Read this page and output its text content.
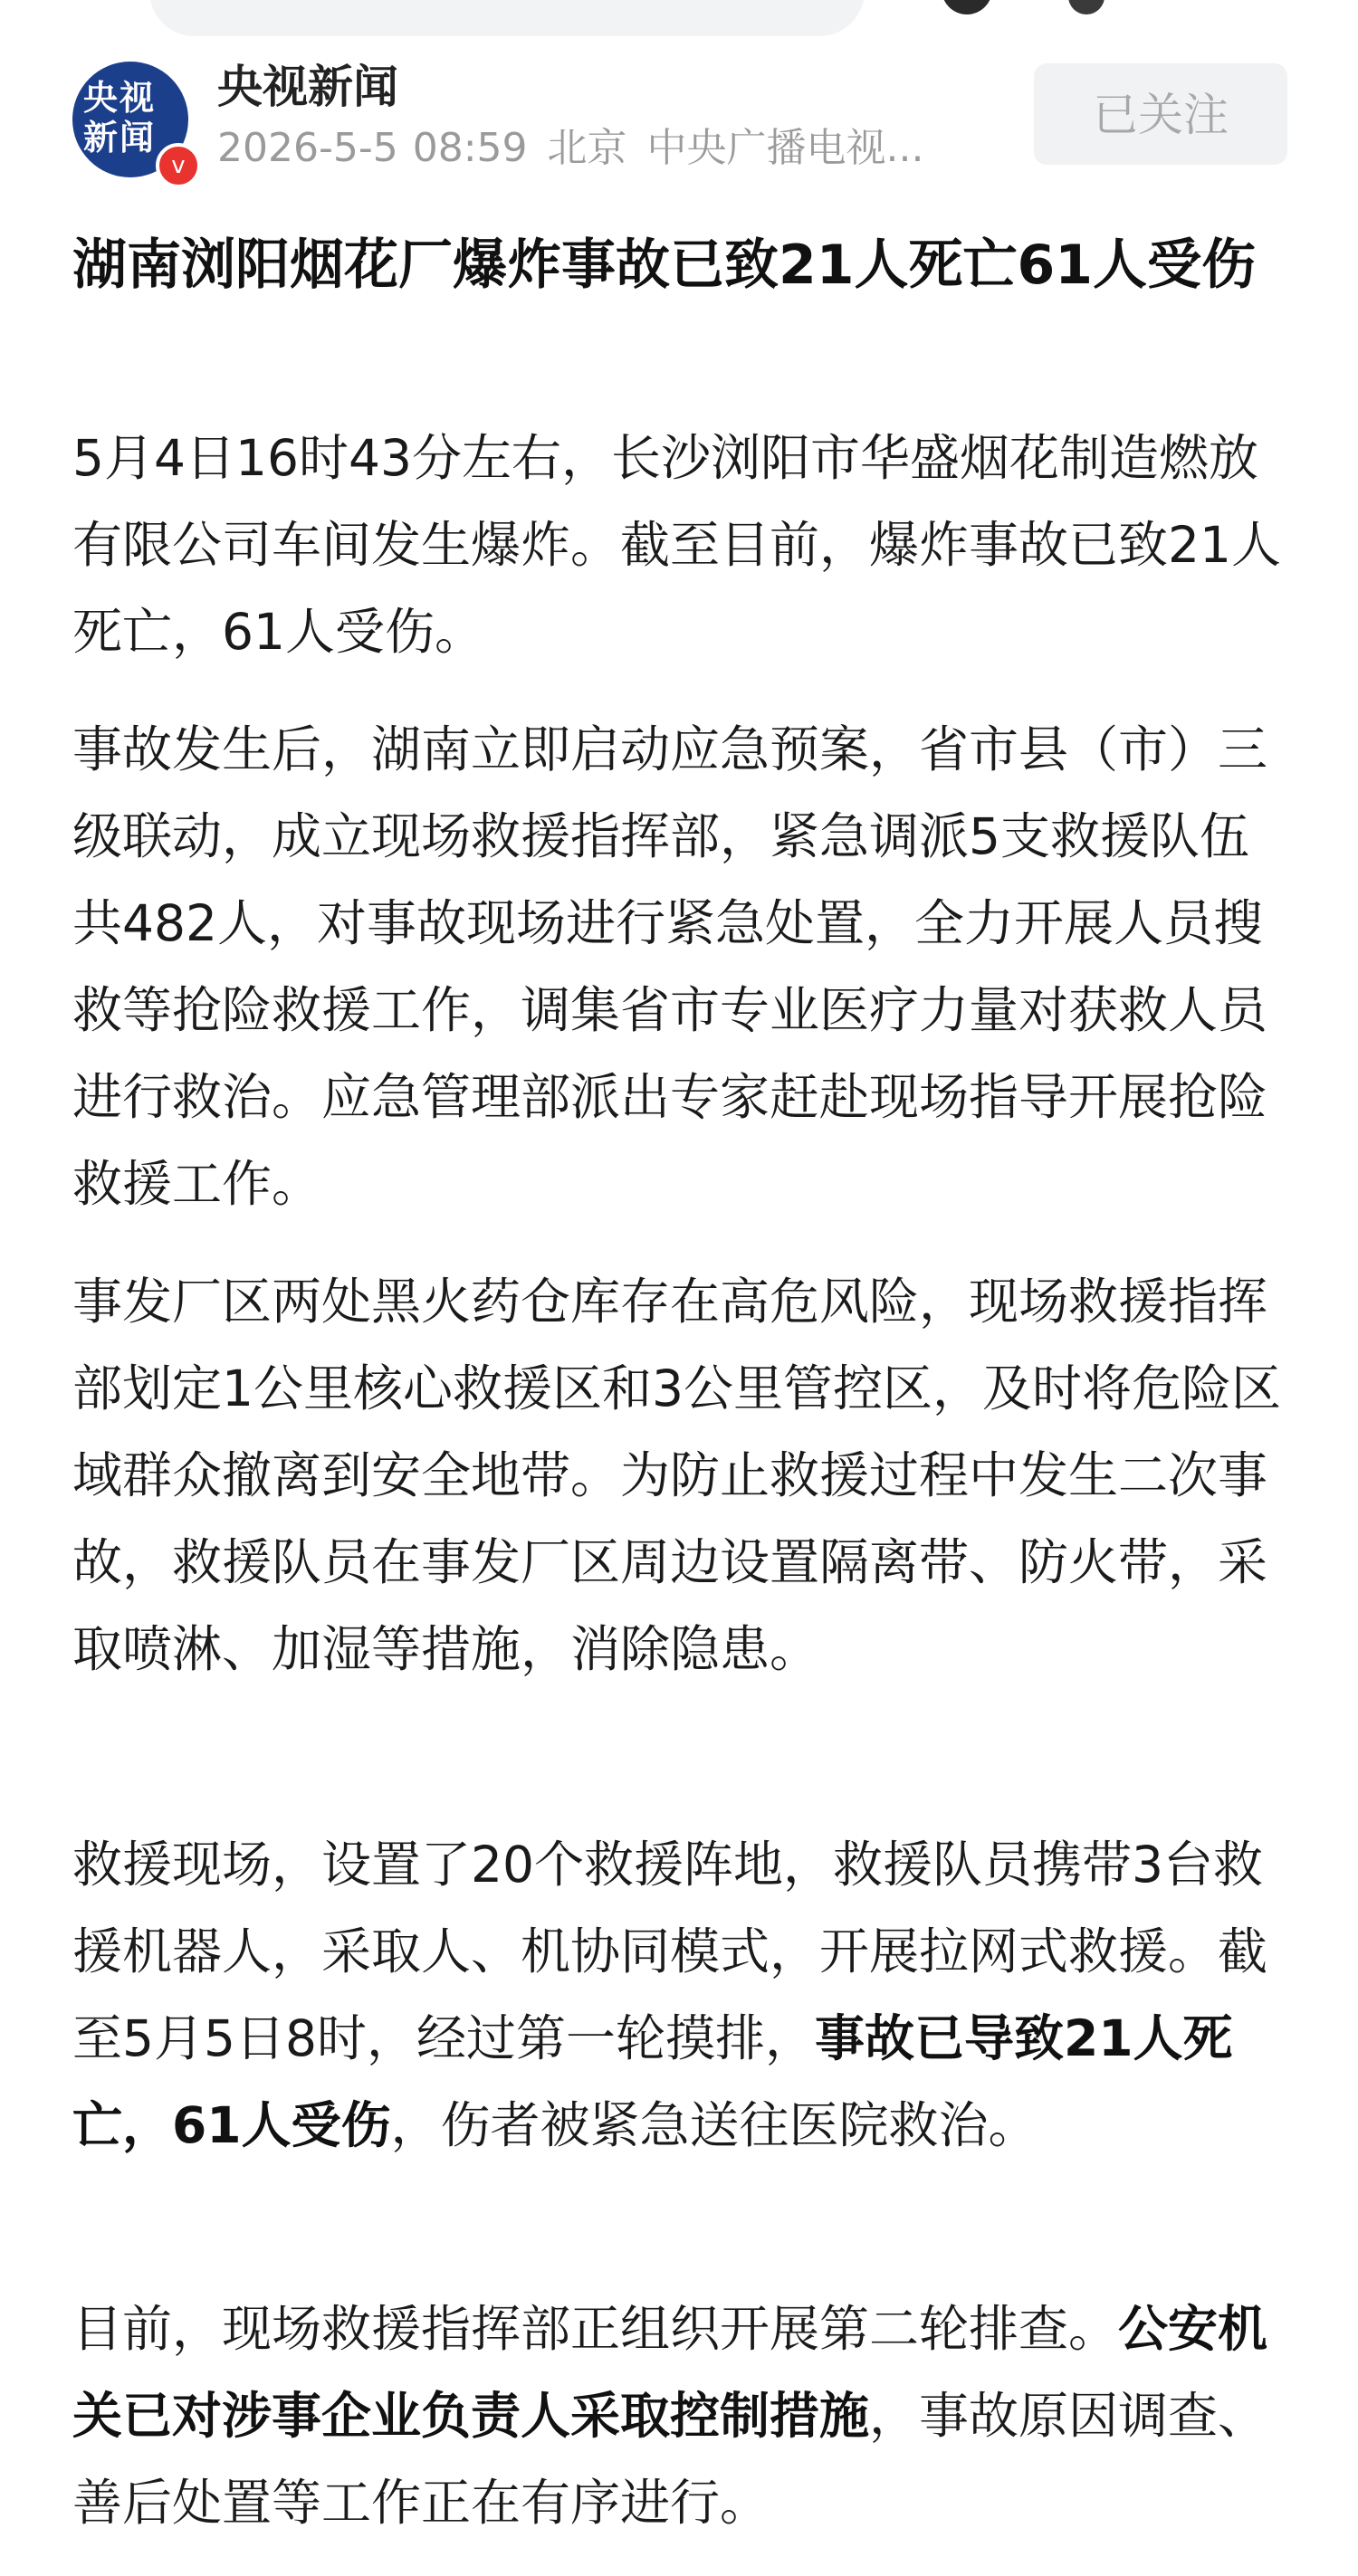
央视
新闻
v
央视新闻
2026-5-5 08:59 北京 中央广播电视...
已关注
湖南浏阳烟花厂爆炸事故已致21人死亡61人受伤

5月4日16时43分左右，长沙浏阳市华盛烟花制造燃放有限公司车间发生爆炸。截至目前，爆炸事故已致21人死亡，61人受伤。

事故发生后，湖南立即启动应急预案，省市县（市）三级联动，成立现场救援指挥部，紧急调派5支救援队伍共482人，对事故现场进行紧急处置，全力开展人员搜救等抢险救援工作，调集省市专业医疗力量对获救人员进行救治。应急管理部派出专家赶赴现场指导开展抢险救援工作。

事发厂区两处黑火药仓库存在高危风险，现场救援指挥部划定1公里核心救援区和3公里管控区，及时将危险区域群众撤离到安全地带。为防止救援过程中发生二次事故，救援队员在事发厂区周边设置隔离带、防火带，采取喷淋、加湿等措施，消除隐患。

救援现场，设置了20个救援阵地，救援队员携带3台救援机器人，采取人、机协同模式，开展拉网式救援。截至5月5日8时，经过第一轮摸排，事故已导致21人死亡，61人受伤，伤者被紧急送往医院救治。

目前，现场救援指挥部正组织开展第二轮排查。公安机关已对涉事企业负责人采取控制措施，事故原因调查、善后处置等工作正在有序进行。
